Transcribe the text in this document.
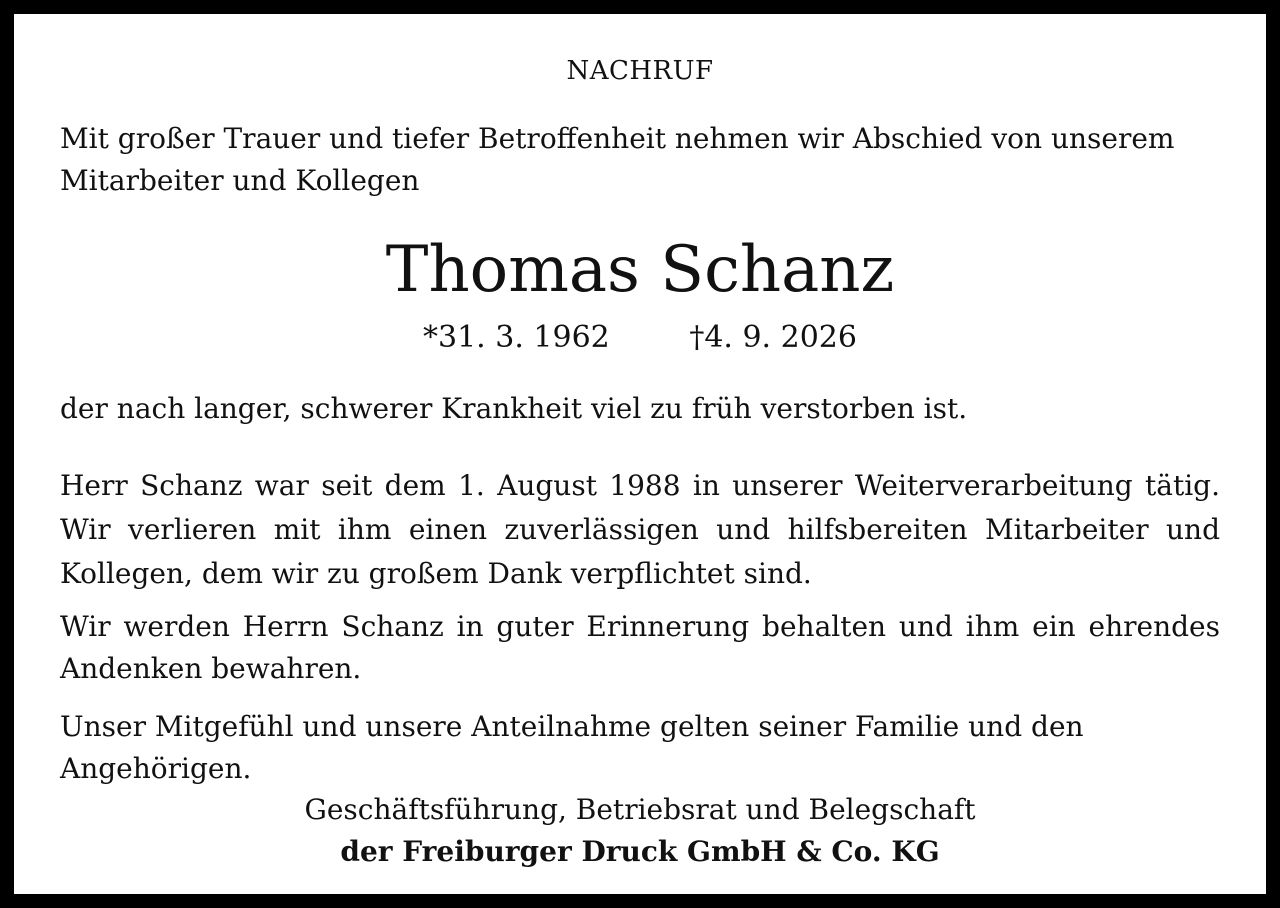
NACHRUF
Mit großer Trauer und tiefer Betroffenheit nehmen wir Abschied von unserem Mitarbeiter und Kollegen
Thomas Schanz
*31. 3. 1962	†4. 9. 2026
der nach langer, schwerer Krankheit viel zu früh verstorben ist.
Herr Schanz war seit dem 1. August 1988 in unserer Weiterverarbeitung tätig. Wir verlieren mit ihm einen zuverlässigen und hilfsbereiten Mitarbeiter und Kollegen, dem wir zu großem Dank verpflichtet sind.
Wir werden Herrn Schanz in guter Erinnerung behalten und ihm ein ehrendes Andenken bewahren.
Unser Mitgefühl und unsere Anteilnahme gelten seiner Familie und den Angehörigen.
Geschäftsführung, Betriebsrat und Belegschaft
der Freiburger Druck GmbH & Co. KG
